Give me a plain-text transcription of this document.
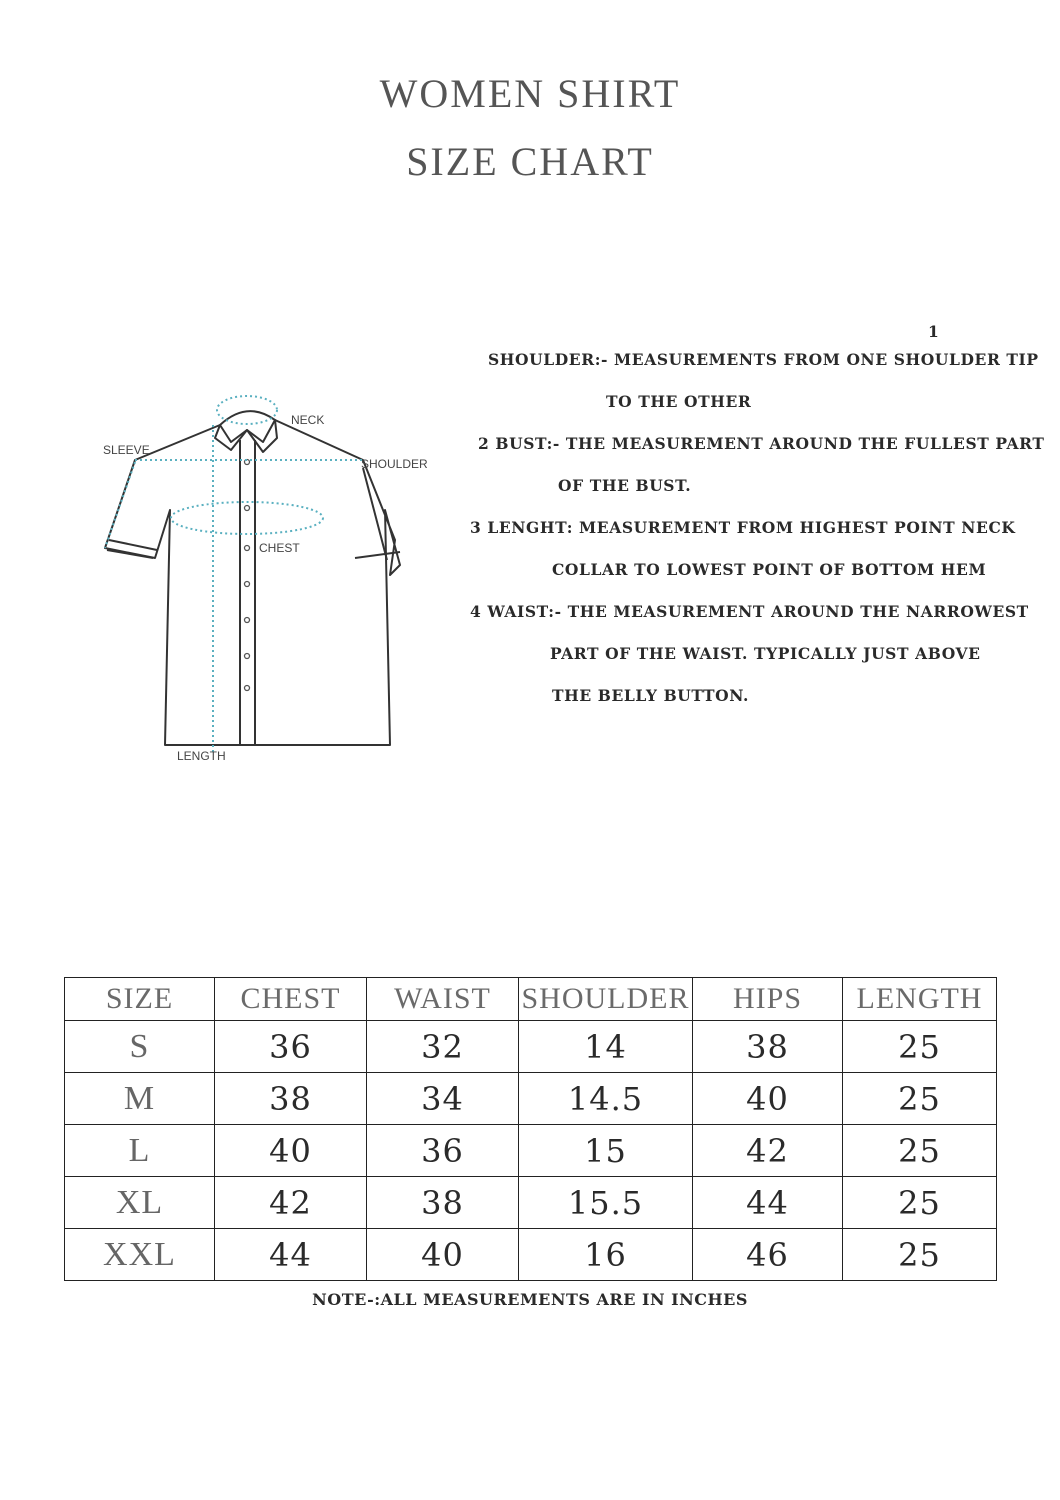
WOMEN SHIRT
SIZE CHART
NECK
SLEEVE
SHOULDER
CHEST
LENGTH
1
SHOULDER:- MEASUREMENTS FROM ONE SHOULDER TIP
TO THE OTHER
2 BUST:- THE MEASUREMENT AROUND THE FULLEST PART
OF THE BUST.
3 LENGHT: MEASUREMENT FROM HIGHEST POINT NECK
COLLAR TO LOWEST POINT OF BOTTOM HEM
4 WAIST:- THE MEASUREMENT AROUND THE NARROWEST
PART OF THE WAIST. TYPICALLY JUST ABOVE
THE BELLY BUTTON.
SIZE	CHEST	WAIST	SHOULDER	HIPS	LENGTH
S	36	32	14	38	25
M	38	34	14.5	40	25
L	40	36	15	42	25
XL	42	38	15.5	44	25
XXL	44	40	16	46	25
NOTE-:ALL MEASUREMENTS ARE IN INCHES
